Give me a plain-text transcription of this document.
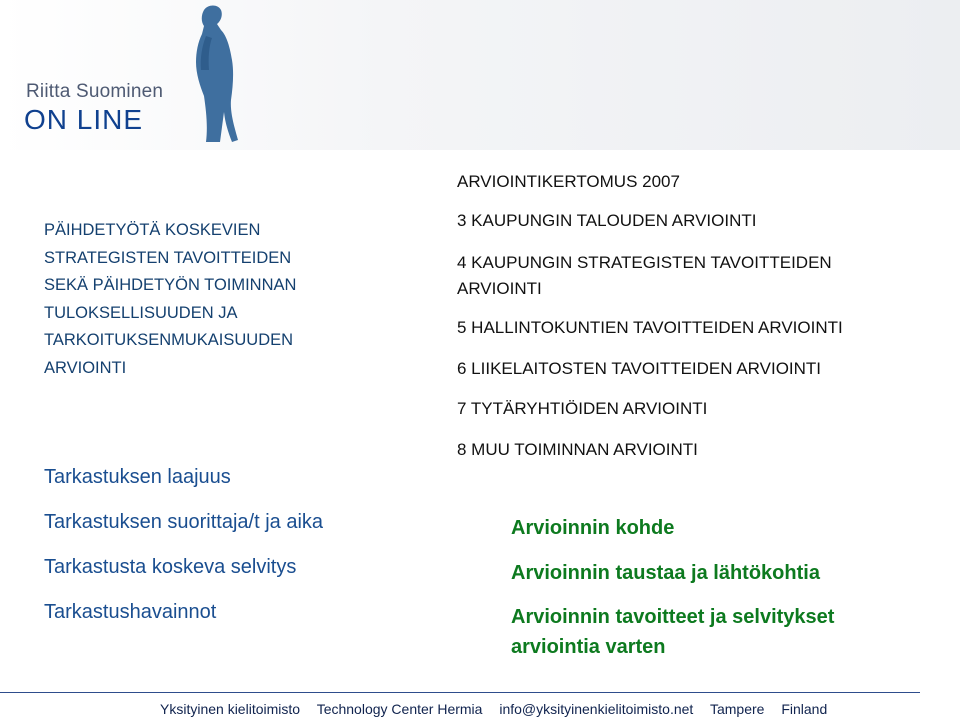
Riitta Suominen
ON LINE
PÄIHDETYÖTÄ KOSKEVIEN
STRATEGISTEN TAVOITTEIDEN
SEKÄ PÄIHDETYÖN TOIMINNAN
TULOKSELLISUUDEN JA
TARKOITUKSENMUKAISUUDEN
ARVIOINTI
Tarkastuksen laajuus
Tarkastuksen suorittaja/t ja aika
Tarkastusta koskeva selvitys
Tarkastushavainnot
ARVIOINTIKERTOMUS 2007
3 KAUPUNGIN TALOUDEN ARVIOINTI
4 KAUPUNGIN STRATEGISTEN TAVOITTEIDEN
ARVIOINTI
5 HALLINTOKUNTIEN TAVOITTEIDEN ARVIOINTI
6 LIIKELAITOSTEN TAVOITTEIDEN ARVIOINTI
7 TYTÄRYHTIÖIDEN ARVIOINTI
8 MUU TOIMINNAN ARVIOINTI
Arvioinnin kohde
Arvioinnin taustaa ja lähtökohtia
Arvioinnin tavoitteet ja selvitykset
arviointia varten
Yksityinen kielitoimisto Technology Center Hermia info@yksityinenkielitoimisto.net Tampere Finland
